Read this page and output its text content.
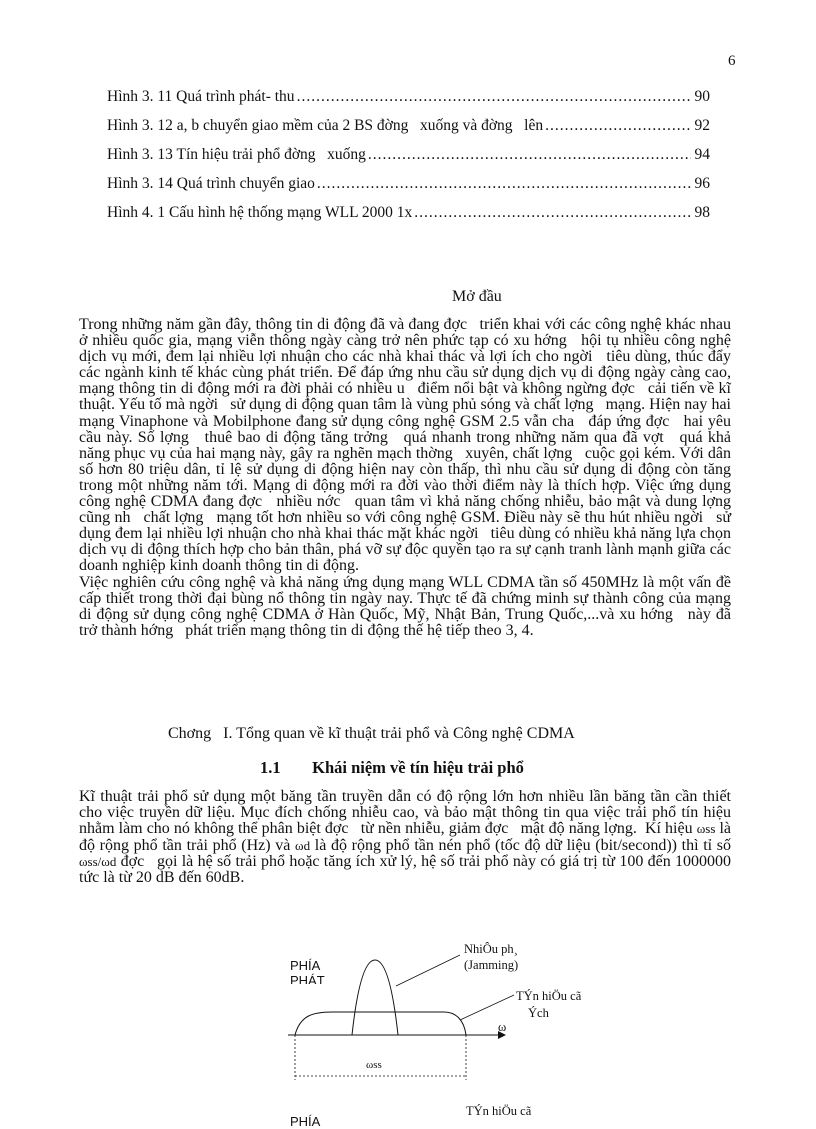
6
Hình 3. 11 Quá trình phát- thu .....	90
Hình 3. 12 a, b chuyển giao mềm của 2 BS đờng   xuống và đờng   lên .....	92
Hình 3. 13 Tín hiệu trải phổ đờng   xuống .....	94
Hình 3. 14 Quá trình chuyển giao .....	96
Hình 4. 1 Cấu hình hệ thống mạng WLL 2000 1x .....	98
Mở đầu
Trong những năm gần đây, thông tin di động đã và đang đợc   triển khai với các công nghệ khác nhau ở nhiều quốc gia, mạng viễn thông ngày càng trở nên phức tạp có xu hớng   hội tụ nhiều công nghệ dịch vụ mới, đem lại nhiều lợi nhuận cho các nhà khai thác và lợi ích cho ngời   tiêu dùng, thúc đẩy các ngành kinh tế khác cùng phát triển. Để đáp ứng nhu cầu sử dụng dịch vụ di động ngày càng cao, mạng thông tin di động mới ra đời phải có nhiều u   điểm nổi bật và không ngừng đợc   cải tiến về kĩ thuật. Yếu tố mà ngời   sử dụng di động quan tâm là vùng phủ sóng và chất lợng   mạng. Hiện nay hai mạng Vinaphone và Mobilphone đang sử dụng công nghệ GSM 2.5 vẫn cha   đáp ứng đợc   hai yêu cầu này. Số lợng   thuê bao di động tăng trởng   quá nhanh trong những năm qua đã vợt   quá khả năng phục vụ của hai mạng này, gây ra nghẽn mạch thờng   xuyên, chất lợng   cuộc gọi kém. Với dân số hơn 80 triệu dân, tỉ lệ sử dụng di động hiện nay còn thấp, thì nhu cầu sử dụng di động còn tăng trong một những năm tới. Mạng di động mới ra đời vào thời điểm này là thích hợp. Việc ứng dụng công nghệ CDMA đang đợc   nhiều nớc   quan tâm vì khả năng chống nhiễu, bảo mật và dung lợng   cũng nh   chất lợng   mạng tốt hơn nhiều so với công nghệ GSM. Điều này sẽ thu hút nhiều ngời   sử dụng đem lại nhiều lợi nhuận cho nhà khai thác mặt khác ngời   tiêu dùng có nhiều khả năng lựa chọn dịch vụ di động thích hợp cho bản thân, phá vỡ sự độc quyền tạo ra sự cạnh tranh lành mạnh giữa các doanh nghiệp kinh doanh thông tin di động.
Việc nghiên cứu công nghệ và khả năng ứng dụng mạng WLL CDMA tần số 450MHz là một vấn đề cấp thiết trong thời đại bùng nổ thông tin ngày nay. Thực tế đã chứng minh sự thành công của mạng di động sử dụng công nghệ CDMA ở Hàn Quốc, Mỹ, Nhật Bản, Trung Quốc,...và xu hớng   này đã trở thành hớng   phát triển mạng thông tin di động thế hệ tiếp theo 3, 4.
Chơng   I. Tổng quan về kĩ thuật trải phổ và Công nghệ CDMA
1.1 Khái niệm về tín hiệu trải phổ
Kĩ thuật trải phổ sử dụng một băng tần truyền dẫn có độ rộng lớn hơn nhiều lần băng tần cần thiết cho việc truyền dữ liệu. Mục đích chống nhiễu cao, và bảo mật thông tin qua việc trải phổ tín hiệu nhằm làm cho nó không thể phân biệt đợc   từ nền nhiễu, giảm đợc   mật độ năng lợng.  Kí hiệu ωss là độ rộng phổ tần trải phổ (Hz) và ωd là độ rộng phổ tần nén phổ (tốc độ dữ liệu (bit/second)) thì tỉ số ωss/ωd đợc   gọi là hệ số trải phổ hoặc tăng ích xử lý, hệ số trải phổ này có giá trị từ 100 đến 1000000 tức là từ 20 dB đến 60dB.
PHÍA PHÁT
NhiÔu ph¸
(Jamming)
TÝn hiÖu cã
Ých
ω
ωss
TÝn hiÖu cã
PHÍA
